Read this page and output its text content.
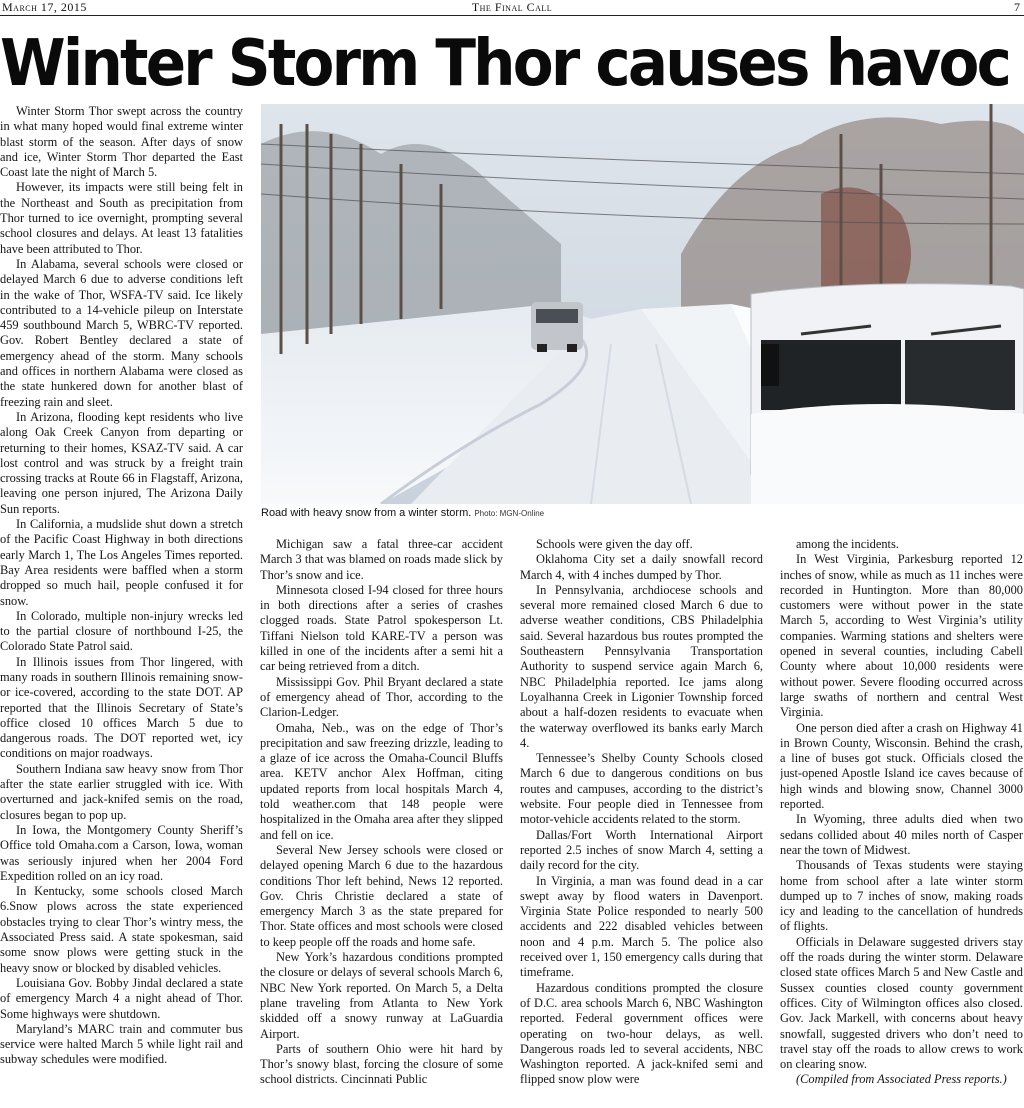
March 17, 2015	The Final Call	7
Winter Storm Thor causes havoc

Winter Storm Thor swept across the country in what many hoped would final extreme winter blast storm of the season. After days of snow and ice, Winter Storm Thor departed the East Coast late the night of March 5.

However, its impacts were still being felt in the Northeast and South as precipitation from Thor turned to ice overnight, prompting several school closures and delays. At least 13 fatalities have been attributed to Thor.

In Alabama, several schools were closed or delayed March 6 due to adverse conditions left in the wake of Thor, WSFA-TV said. Ice likely contributed to a 14-vehicle pileup on Interstate 459 southbound March 5, WBRC-TV reported. Gov. Robert Bentley declared a state of emergency ahead of the storm. Many schools and offices in northern Alabama were closed as the state hunkered down for another blast of freezing rain and sleet.

In Arizona, flooding kept residents who live along Oak Creek Canyon from departing or returning to their homes, KSAZ-TV said. A car lost control and was struck by a freight train crossing tracks at Route 66 in Flagstaff, Arizona, leaving one person injured, The Arizona Daily Sun reports.

In California, a mudslide shut down a stretch of the Pacific Coast Highway in both directions early March 1, The Los Angeles Times reported. Bay Area residents were baffled when a storm dropped so much hail, people confused it for snow.

In Colorado, multiple non-injury wrecks led to the partial closure of northbound I-25, the Colorado State Patrol said.

In Illinois issues from Thor lingered, with many roads in southern Illinois remaining snow- or ice-covered, according to the state DOT. AP reported that the Illinois Secretary of State’s office closed 10 offices March 5 due to dangerous roads. The DOT reported wet, icy conditions on major roadways.

Southern Indiana saw heavy snow from Thor after the state earlier struggled with ice. With overturned and jack-knifed semis on the road, closures began to pop up.

In Iowa, the Montgomery County Sheriff’s Office told Omaha.com a Carson, Iowa, woman was seriously injured when her 2004 Ford Expedition rolled on an icy road.

In Kentucky, some schools closed March 6.Snow plows across the state experienced obstacles trying to clear Thor’s wintry mess, the Associated Press said. A state spokesman, said some snow plows were getting stuck in the heavy snow or blocked by disabled vehicles.

Louisiana Gov. Bobby Jindal declared a state of emergency March 4 a night ahead of Thor. Some highways were shutdown.

Maryland’s MARC train and commuter bus service were halted March 5 while light rail and subway schedules were modified.

Road with heavy snow from a winter storm. Photo: MGN-Online

Michigan saw a fatal three-car accident March 3 that was blamed on roads made slick by Thor’s snow and ice.

Minnesota closed I-94 closed for three hours in both directions after a series of crashes clogged roads. State Patrol spokesperson Lt. Tiffani Nielson told KARE-TV a person was killed in one of the incidents after a semi hit a car being retrieved from a ditch.

Mississippi Gov. Phil Bryant declared a state of emergency ahead of Thor, according to the Clarion-Ledger.

Omaha, Neb., was on the edge of Thor’s precipitation and saw freezing drizzle, leading to a glaze of ice across the Omaha-Council Bluffs area. KETV anchor Alex Hoffman, citing updated reports from local hospitals March 4, told weather.com that 148 people were hospitalized in the Omaha area after they slipped and fell on ice.

Several New Jersey schools were closed or delayed opening March 6 due to the hazardous conditions Thor left behind, News 12 reported. Gov. Chris Christie declared a state of emergency March 3 as the state prepared for Thor. State offices and most schools were closed to keep people off the roads and home safe.

New York’s hazardous conditions prompted the closure or delays of several schools March 6, NBC New York reported. On March 5, a Delta plane traveling from Atlanta to New York skidded off a snowy runway at LaGuardia Airport.

Parts of southern Ohio were hit hard by Thor’s snowy blast, forcing the closure of some school districts. Cincinnati Public

Schools were given the day off.

Oklahoma City set a daily snowfall record March 4, with 4 inches dumped by Thor.

In Pennsylvania, archdiocese schools and several more remained closed March 6 due to adverse weather conditions, CBS Philadelphia said. Several hazardous bus routes prompted the Southeastern Pennsylvania Transportation Authority to suspend service again March 6, NBC Philadelphia reported. Ice jams along Loyalhanna Creek in Ligonier Township forced about a half-dozen residents to evacuate when the waterway overflowed its banks early March 4.

Tennessee’s Shelby County Schools closed March 6 due to dangerous conditions on bus routes and campuses, according to the district’s website. Four people died in Tennessee from motor-vehicle accidents related to the storm.

Dallas/Fort Worth International Airport reported 2.5 inches of snow March 4, setting a daily record for the city.

In Virginia, a man was found dead in a car swept away by flood waters in Davenport. Virginia State Police responded to nearly 500 accidents and 222 disabled vehicles between noon and 4 p.m. March 5. The police also received over 1, 150 emergency calls during that timeframe.

Hazardous conditions prompted the closure of D.C. area schools March 6, NBC Washington reported. Federal government offices were operating on two-hour delays, as well. Dangerous roads led to several accidents, NBC Washington reported. A jack-knifed semi and flipped snow plow were

among the incidents.

In West Virginia, Parkesburg reported 12 inches of snow, while as much as 11 inches were recorded in Huntington. More than 80,000 customers were without power in the state March 5, according to West Virginia’s utility companies. Warming stations and shelters were opened in several counties, including Cabell County where about 10,000 residents were without power. Severe flooding occurred across large swaths of northern and central West Virginia.

One person died after a crash on Highway 41 in Brown County, Wisconsin. Behind the crash, a line of buses got stuck. Officials closed the just-opened Apostle Island ice caves because of high winds and blowing snow, Channel 3000 reported.

In Wyoming, three adults died when two sedans collided about 40 miles north of Casper near the town of Midwest.

Thousands of Texas students were staying home from school after a late winter storm dumped up to 7 inches of snow, making roads icy and leading to the cancellation of hundreds of flights.

Officials in Delaware suggested drivers stay off the roads during the winter storm. Delaware closed state offices March 5 and New Castle and Sussex counties closed county government offices. City of Wilmington offices also closed. Gov. Jack Markell, with concerns about heavy snowfall, suggested drivers who don’t need to travel stay off the roads to allow crews to work on clearing snow.

(Compiled from Associated Press reports.)
